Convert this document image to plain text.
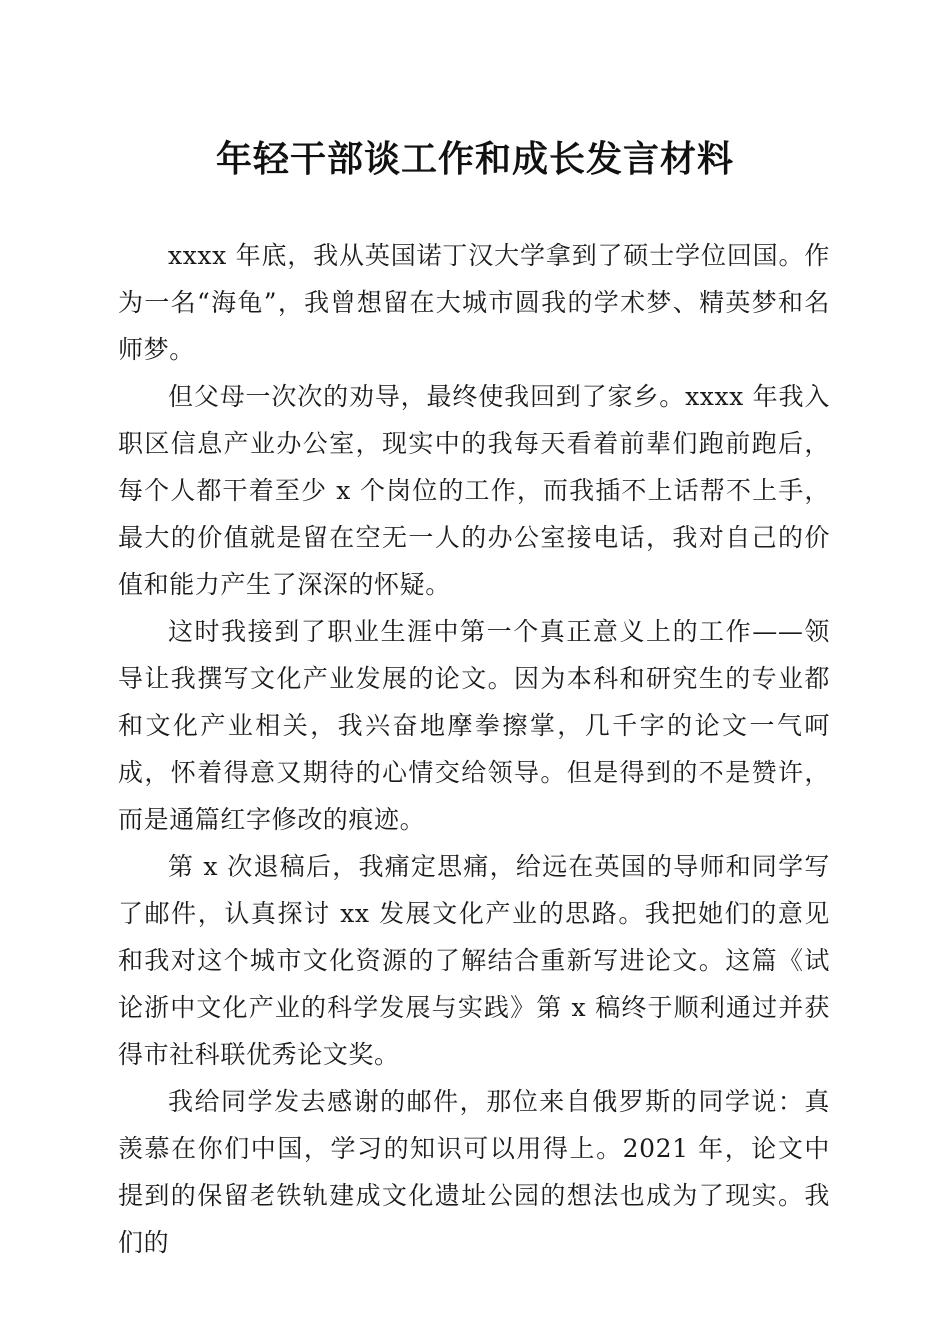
年轻干部谈工作和成长发言材料

xxxx 年底，我从英国诺丁汉大学拿到了硕士学位回国。作为一名“海龟”，我曾想留在大城市圆我的学术梦、精英梦和名师梦。

但父母一次次的劝导，最终使我回到了家乡。xxxx 年我入职区信息产业办公室，现实中的我每天看着前辈们跑前跑后，每个人都干着至少 x 个岗位的工作，而我插不上话帮不上手，最大的价值就是留在空无一人的办公室接电话，我对自己的价值和能力产生了深深的怀疑。

这时我接到了职业生涯中第一个真正意义上的工作——领导让我撰写文化产业发展的论文。因为本科和研究生的专业都和文化产业相关，我兴奋地摩拳擦掌，几千字的论文一气呵成，怀着得意又期待的心情交给领导。但是得到的不是赞许，而是通篇红字修改的痕迹。

第 x 次退稿后，我痛定思痛，给远在英国的导师和同学写了邮件，认真探讨 xx 发展文化产业的思路。我把她们的意见和我对这个城市文化资源的了解结合重新写进论文。这篇《试论浙中文化产业的科学发展与实践》第 x 稿终于顺利通过并获得市社科联优秀论文奖。

我给同学发去感谢的邮件，那位来自俄罗斯的同学说：真羡慕在你们中国，学习的知识可以用得上。2021 年，论文中提到的保留老铁轨建成文化遗址公园的想法也成为了现实。我们的
